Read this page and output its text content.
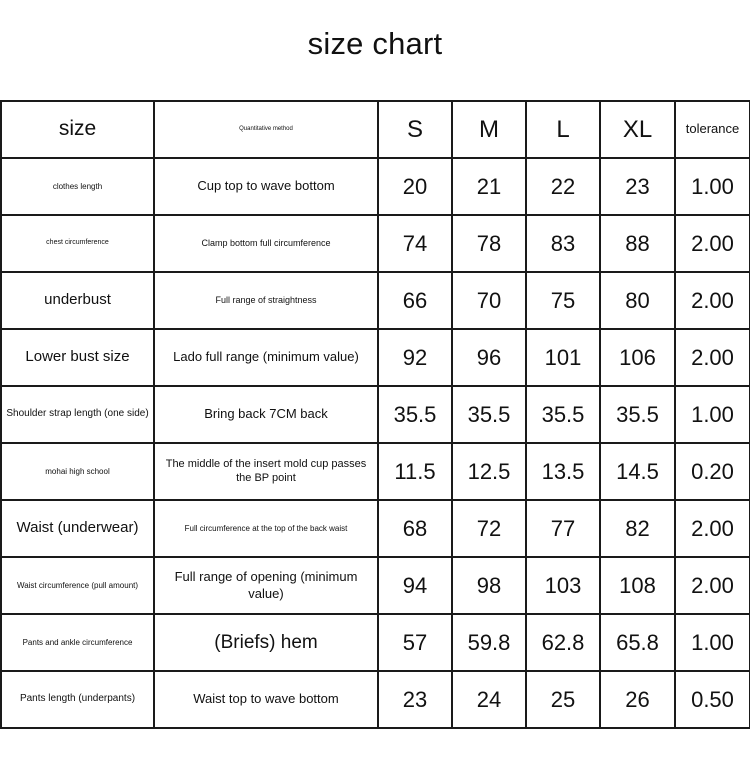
size chart
size	Quantitative method	S	M	L	XL	tolerance
clothes length	Cup top to wave bottom	20	21	22	23	1.00
chest circumference	Clamp bottom full circumference	74	78	83	88	2.00
underbust	Full range of straightness	66	70	75	80	2.00
Lower bust size	Lado full range (minimum value)	92	96	101	106	2.00
Shoulder strap length (one side)	Bring back 7CM back	35.5	35.5	35.5	35.5	1.00
mohai high school	The middle of the insert mold cup passes the BP point	11.5	12.5	13.5	14.5	0.20
Waist (underwear)	Full circumference at the top of the back waist	68	72	77	82	2.00
Waist circumference (pull amount)	Full range of opening (minimum value)	94	98	103	108	2.00
Pants and ankle circumference	(Briefs) hem	57	59.8	62.8	65.8	1.00
Pants length (underpants)	Waist top to wave bottom	23	24	25	26	0.50
